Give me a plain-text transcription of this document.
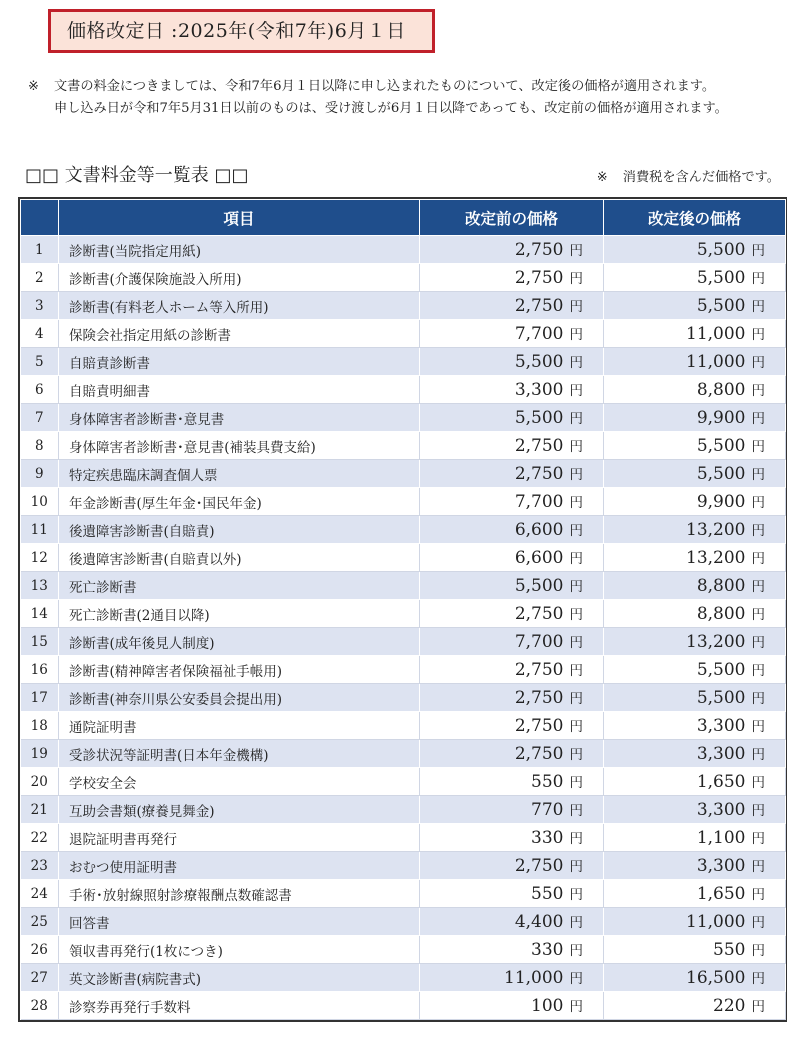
価格改定日 :2025年(令和7年)6月１日
※ 文書の料金につきましては、令和7年6月１日以降に申し込まれたものについて、改定後の価格が適用されます。
申し込み日が令和7年5月31日以前のものは、受け渡しが6月１日以降であっても、改定前の価格が適用されます。
□□ 文書料金等一覧表 □□	※ 消費税を含んだ価格です。
	項目	改定前の価格	改定後の価格
1	診断書(当院指定用紙)	2,750 円	5,500 円
2	診断書(介護保険施設入所用)	2,750 円	5,500 円
3	診断書(有料老人ホーム等入所用)	2,750 円	5,500 円
4	保険会社指定用紙の診断書	7,700 円	11,000 円
5	自賠責診断書	5,500 円	11,000 円
6	自賠責明細書	3,300 円	8,800 円
7	身体障害者診断書･意見書	5,500 円	9,900 円
8	身体障害者診断書･意見書(補装具費支給)	2,750 円	5,500 円
9	特定疾患臨床調査個人票	2,750 円	5,500 円
10	年金診断書(厚生年金･国民年金)	7,700 円	9,900 円
11	後遺障害診断書(自賠責)	6,600 円	13,200 円
12	後遺障害診断書(自賠責以外)	6,600 円	13,200 円
13	死亡診断書	5,500 円	8,800 円
14	死亡診断書(2通目以降)	2,750 円	8,800 円
15	診断書(成年後見人制度)	7,700 円	13,200 円
16	診断書(精神障害者保険福祉手帳用)	2,750 円	5,500 円
17	診断書(神奈川県公安委員会提出用)	2,750 円	5,500 円
18	通院証明書	2,750 円	3,300 円
19	受診状況等証明書(日本年金機構)	2,750 円	3,300 円
20	学校安全会	550 円	1,650 円
21	互助会書類(療養見舞金)	770 円	3,300 円
22	退院証明書再発行	330 円	1,100 円
23	おむつ使用証明書	2,750 円	3,300 円
24	手術･放射線照射診療報酬点数確認書	550 円	1,650 円
25	回答書	4,400 円	11,000 円
26	領収書再発行(1枚につき)	330 円	550 円
27	英文診断書(病院書式)	11,000 円	16,500 円
28	診察券再発行手数料	100 円	220 円
